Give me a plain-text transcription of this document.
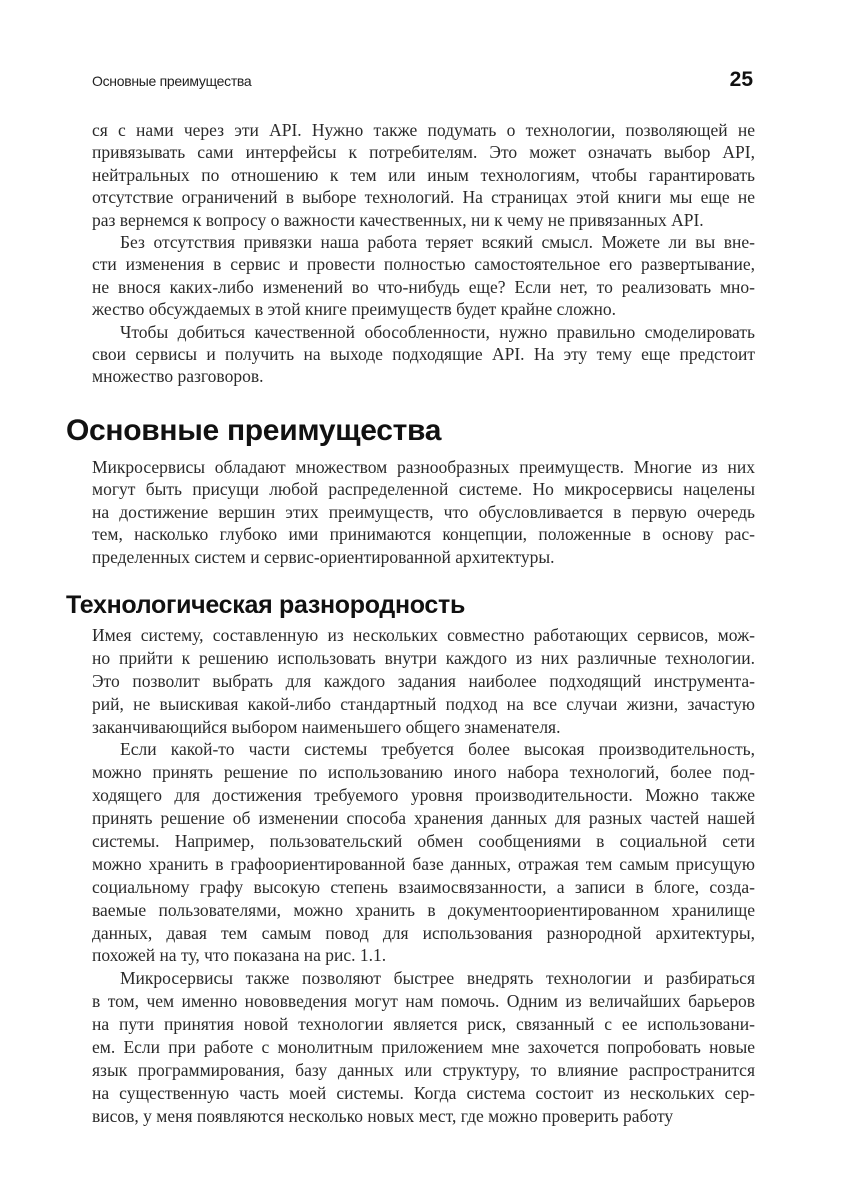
Основные преимущества	25
ся с нами через эти API. Нужно также подумать о технологии, позволяющей не
привязывать сами интерфейсы к потребителям. Это может означать выбор API,
нейтральных по отношению к тем или иным технологиям, чтобы гарантировать
отсутствие ограничений в выборе технологий. На страницах этой книги мы еще не
раз вернемся к вопросу о важности качественных, ни к чему не привязанных API.
Без отсутствия привязки наша работа теряет всякий смысл. Можете ли вы вне-
сти изменения в сервис и провести полностью самостоятельное его развертывание,
не внося каких-либо изменений во что-нибудь еще? Если нет, то реализовать мно-
жество обсуждаемых в этой книге преимуществ будет крайне сложно.
Чтобы добиться качественной обособленности, нужно правильно смоделировать
свои сервисы и получить на выходе подходящие API. На эту тему еще предстоит
множество разговоров.
Основные преимущества
Микросервисы обладают множеством разнообразных преимуществ. Многие из них
могут быть присущи любой распределенной системе. Но микросервисы нацелены
на достижение вершин этих преимуществ, что обусловливается в первую очередь
тем, насколько глубоко ими принимаются концепции, положенные в основу рас-
пределенных систем и сервис-ориентированной архитектуры.
Технологическая разнородность
Имея систему, составленную из нескольких совместно работающих сервисов, мож-
но прийти к решению использовать внутри каждого из них различные технологии.
Это позволит выбрать для каждого задания наиболее подходящий инструмента-
рий, не выискивая какой-либо стандартный подход на все случаи жизни, зачастую
заканчивающийся выбором наименьшего общего знаменателя.
Если какой-то части системы требуется более высокая производительность,
можно принять решение по использованию иного набора технологий, более под-
ходящего для достижения требуемого уровня производительности. Можно также
принять решение об изменении способа хранения данных для разных частей нашей
системы. Например, пользовательский обмен сообщениями в социальной сети
можно хранить в графоориентированной базе данных, отражая тем самым присущую
социальному графу высокую степень взаимосвязанности, а записи в блоге, созда-
ваемые пользователями, можно хранить в документоориентированном хранилище
данных, давая тем самым повод для использования разнородной архитектуры,
похожей на ту, что показана на рис. 1.1.
Микросервисы также позволяют быстрее внедрять технологии и разбираться
в том, чем именно нововведения могут нам помочь. Одним из величайших барьеров
на пути принятия новой технологии является риск, связанный с ее использовани-
ем. Если при работе с монолитным приложением мне захочется попробовать новые
язык программирования, базу данных или структуру, то влияние распространится
на существенную часть моей системы. Когда система состоит из нескольких сер-
висов, у меня появляются несколько новых мест, где можно проверить работу
